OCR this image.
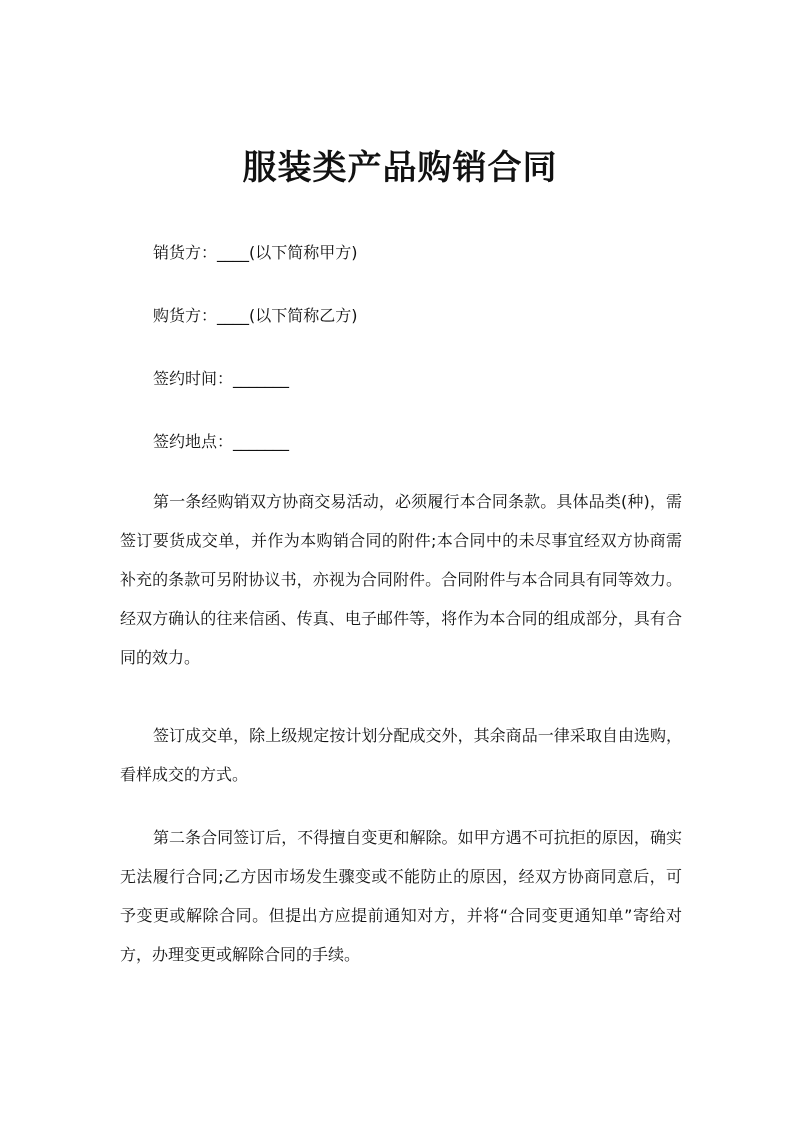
服装类产品购销合同

销货方：____(以下简称甲方)

购货方：____(以下简称乙方)

签约时间：_______

签约地点：_______

第一条经购销双方协商交易活动，必须履行本合同条款。具体品类(种)，需签订要货成交单，并作为本购销合同的附件;本合同中的未尽事宜经双方协商需补充的条款可另附协议书，亦视为合同附件。合同附件与本合同具有同等效力。经双方确认的往来信函、传真、电子邮件等，将作为本合同的组成部分，具有合同的效力。

签订成交单，除上级规定按计划分配成交外，其余商品一律采取自由选购，看样成交的方式。

第二条合同签订后，不得擅自变更和解除。如甲方遇不可抗拒的原因，确实无法履行合同;乙方因市场发生骤变或不能防止的原因，经双方协商同意后，可予变更或解除合同。但提出方应提前通知对方，并将“合同变更通知单”寄给对方，办理变更或解除合同的手续。
